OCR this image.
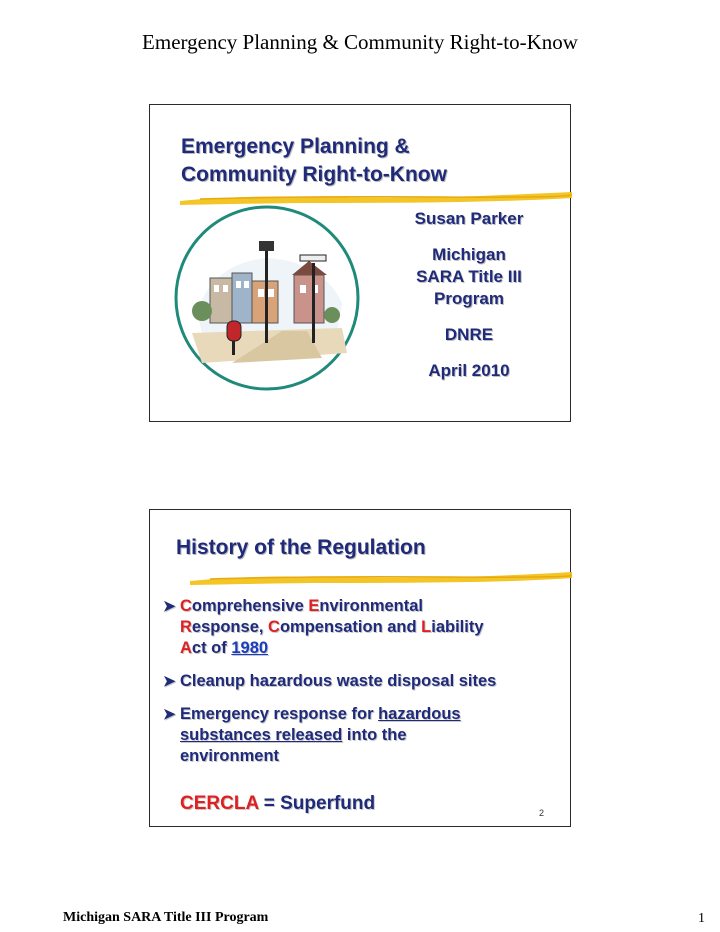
Emergency Planning & Community Right-to-Know
Emergency Planning &
Community Right-to-Know
Susan Parker
Michigan
SARA Title III
Program
DNRE
April 2010
History of the Regulation
➤ Comprehensive Environmental
Response, Compensation and Liability
Act of 1980
➤ Cleanup hazardous waste disposal sites
➤ Emergency response for hazardous
substances released into the
environment
CERCLA = Superfund	2
Michigan SARA Title III Program	1
